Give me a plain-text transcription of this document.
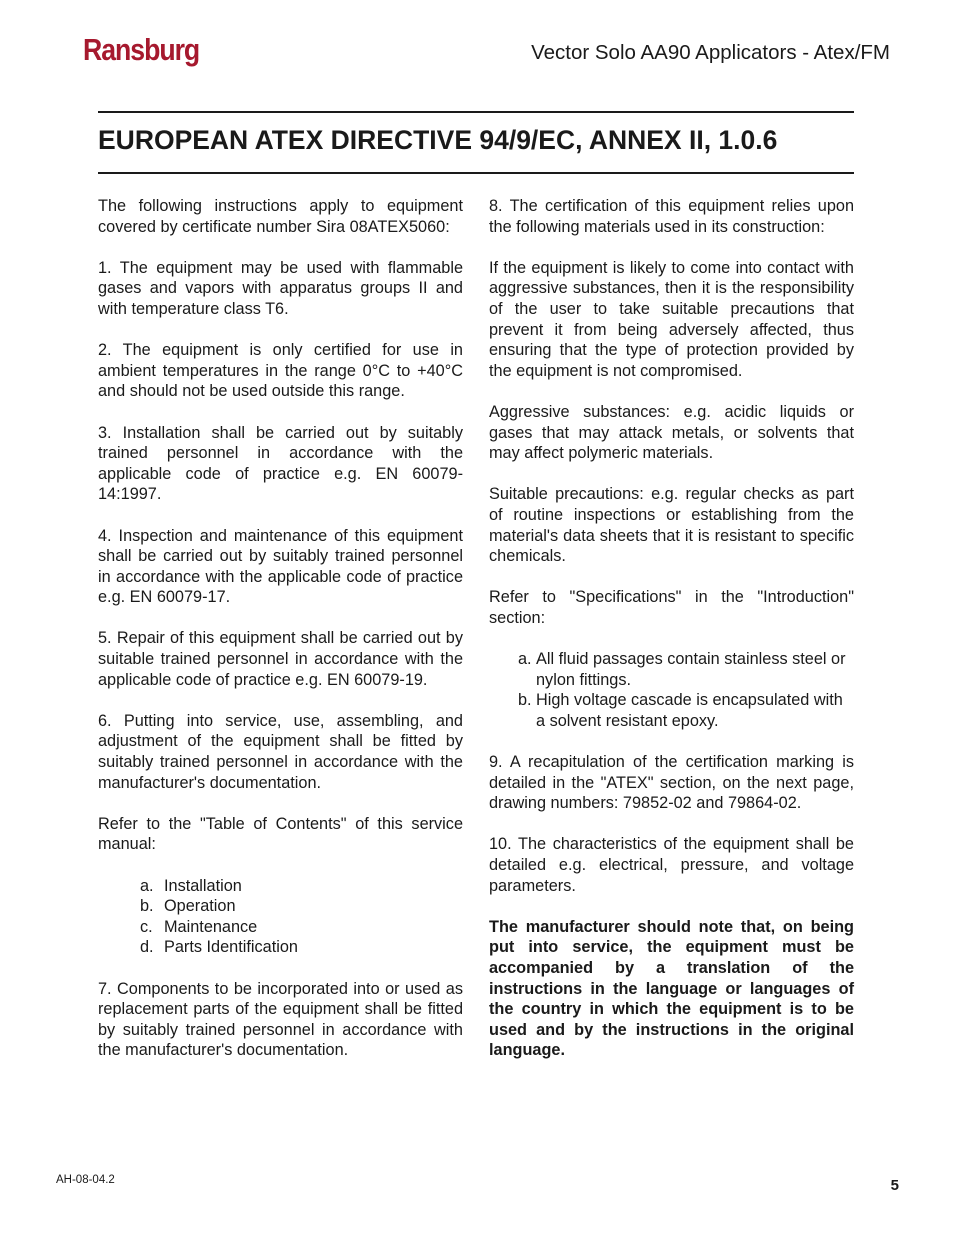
Ransburg	Vector Solo AA90 Applicators - Atex/FM
EUROPEAN ATEX DIRECTIVE 94/9/EC, ANNEX II, 1.0.6

The following instructions apply to equipment covered by certificate number Sira 08ATEX5060:

1. The equipment may be used with flammable gases and vapors with apparatus groups II and with temperature class T6.

2. The equipment is only certified for use in ambient temperatures in the range 0°C to +40°C and should not be used outside this range.

3. Installation shall be carried out by suitably trained personnel in accordance with the applicable code of practice e.g. EN 60079-14:1997.

4. Inspection and maintenance of this equipment shall be carried out by suitably trained personnel in accordance with the applicable code of practice e.g. EN 60079-17.

5. Repair of this equipment shall be carried out by suitable trained personnel in accordance with the applicable code of practice e.g. EN 60079-19.

6. Putting into service, use, assembling, and adjustment of the equipment shall be fitted by suitably trained personnel in accordance with the manufacturer's documentation.

Refer to the "Table of Contents" of this service manual:

a. Installation
b. Operation
c. Maintenance
d. Parts Identification

7. Components to be incorporated into or used as replacement parts of the equipment shall be fitted by suitably trained personnel in accordance with the manufacturer's documentation.

8. The certification of this equipment relies upon the following materials used in its construction:

If the equipment is likely to come into contact with aggressive substances, then it is the responsibility of the user to take suitable precautions that prevent it from being adversely affected, thus ensuring that the type of protection provided by the equipment is not compromised.

Aggressive substances: e.g. acidic liquids or gases that may attack metals, or solvents that may affect polymeric materials.

Suitable precautions: e.g. regular checks as part of routine inspections or establishing from the material's data sheets that it is resistant to specific chemicals.

Refer to "Specifications" in the "Introduction" section:

a. All fluid passages contain stainless steel or nylon fittings.
b. High voltage cascade is encapsulated with a solvent resistant epoxy.

9. A recapitulation of the certification marking is detailed in the "ATEX" section, on the next page, drawing numbers: 79852-02 and 79864-02.

10. The characteristics of the equipment shall be detailed e.g. electrical, pressure, and voltage parameters.

The manufacturer should note that, on being put into service, the equipment must be accompanied by a translation of the instructions in the language or languages of the country in which the equipment is to be used and by the instructions in the original language.

AH-08-04.2	5
